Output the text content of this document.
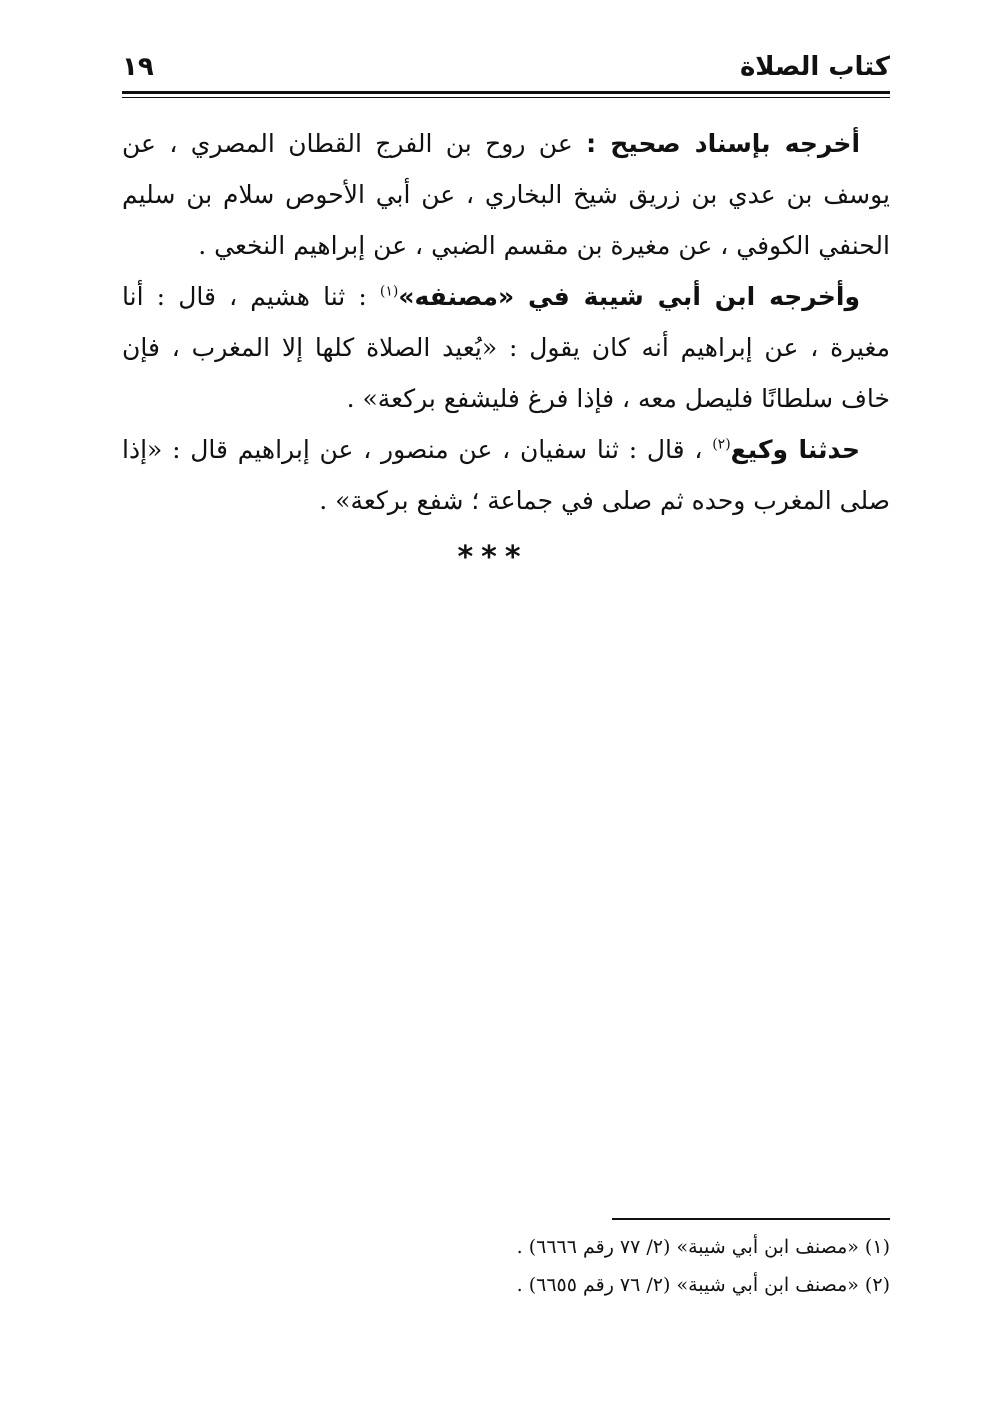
كتاب الصلاة
١٩

أخرجه بإسناد صحيح : عن روح بن الفرج القطان المصري ، عن يوسف بن عدي بن زريق شيخ البخاري ، عن أبي الأحوص سلام بن سليم الحنفي الكوفي ، عن مغيرة بن مقسم الضبي ، عن إبراهيم النخعي .

وأخرجه ابن أبي شيبة في «مصنفه»$^{(١)}$ : ثنا هشيم ، قال : أنا مغيرة ، عن إبراهيم أنه كان يقول : «يُعيد الصلاة كلها إلا المغرب ، فإن خاف سلطانًا فليصل معه ، فإذا فرغ فليشفع بركعة» .

حدثنا وكيع$^{(٢)}$ ، قال : ثنا سفيان ، عن منصور ، عن إبراهيم قال : «إذا صلى المغرب وحده ثم صلى في جماعة ؛ شفع بركعة» .

***

(١) «مصنف ابن أبي شيبة» (٢/ ٧٧ رقم ٦٦٦٦) .

(٢) «مصنف ابن أبي شيبة» (٢/ ٧٦ رقم ٦٦٥٥) .
